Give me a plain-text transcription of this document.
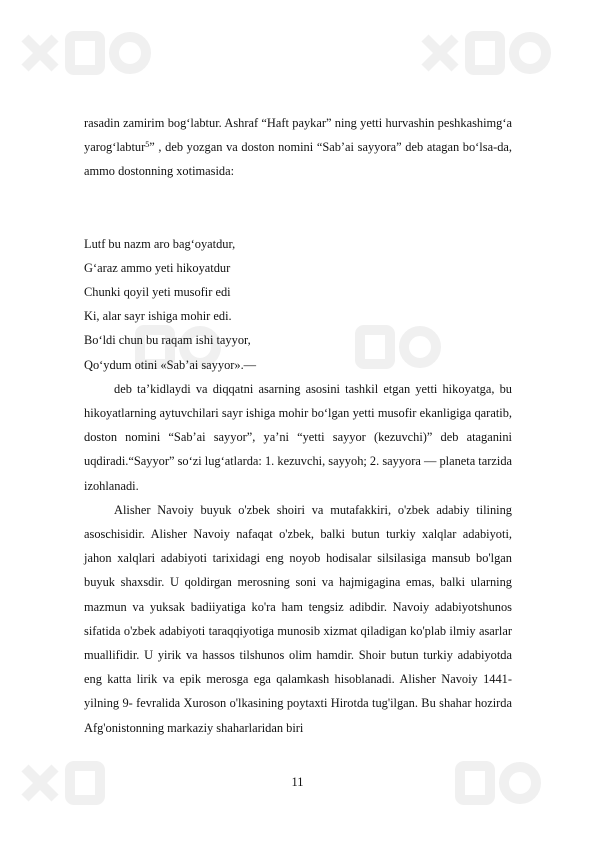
rasadin zamirim bogʻlabtur. Ashraf “Haft paykar” ning yetti hurvashin peshkashimgʻa yarogʻlabtur$^5$” , deb yozgan va doston nomini “Sab’ai sayyora” deb atagan boʻlsa-da, ammo dostonning xotimasida:

Lutf bu nazm aro bagʻoyatdur,

Gʻaraz ammo yeti hikoyatdur

Chunki qoyil yeti musofir edi

Ki, alar sayr ishiga mohir edi.

Boʻldi chun bu raqam ishi tayyor,

Qoʻydum otini «Sab’ai sayyor».—

deb ta’kidlaydi va diqqatni asarning asosini tashkil etgan yetti hikoyatga, bu hikoyatlarning aytuvchilari sayr ishiga mohir boʻlgan yetti musofir ekanligiga qaratib, doston nomini “Sab’ai sayyor”, ya’ni “yetti sayyor (kezuvchi)” deb ataganini uqdiradi.“Sayyor” soʻzi lugʻatlarda: 1. kezuvchi, sayyoh; 2. sayyora — planeta tarzida izohlanadi.

Alisher Navoiy buyuk o'zbek shoiri va mutafakkiri, o'zbek adabiy tilining asoschisidir. Alisher Navoiy nafaqat o'zbek, balki butun turkiy xalqlar adabiyoti, jahon xalqlari adabiyoti tarixidagi eng noyob hodisalar silsilasiga mansub bo'lgan buyuk shaxsdir. U qoldirgan merosning soni va hajmigagina emas, balki ularning mazmun va yuksak badiiyatiga ko'ra ham tengsiz adibdir. Navoiy adabiyotshunos sifatida o'zbek adabiyoti taraqqiyotiga munosib xizmat qiladigan ko'plab ilmiy asarlar muallifidir. U yirik va hassos tilshunos olim hamdir. Shoir butun turkiy adabiyotda eng katta lirik va epik merosga ega qalamkash hisoblanadi. Alisher Navoiy 1441- yilning 9- fevralida Xuroson o'lkasining poytaxti Hirotda tug'ilgan. Bu shahar hozirda Afg'onistonning markaziy shaharlaridan biri

11
